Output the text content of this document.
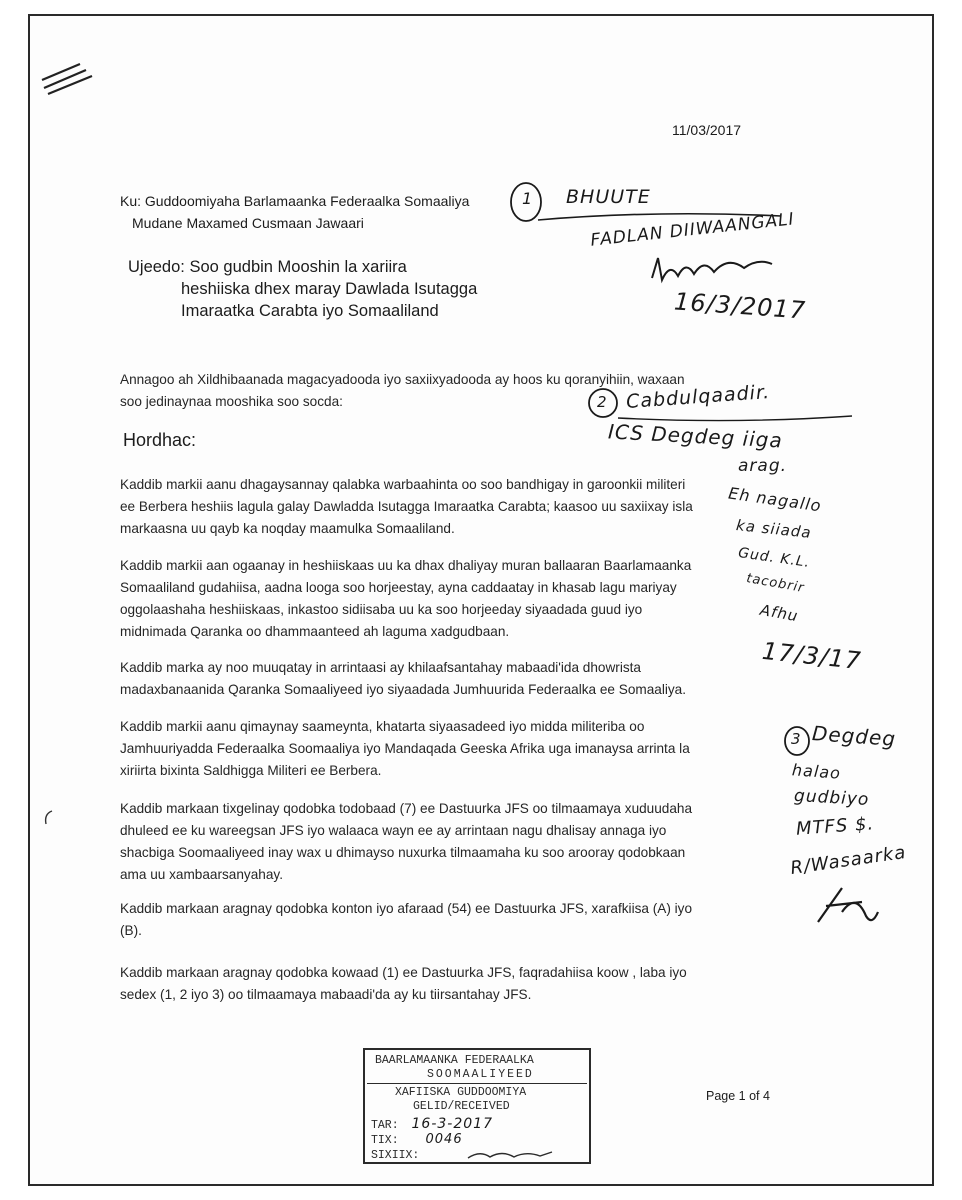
11/03/2017
Ku: Guddoomiyaha Barlamaanka Federaalka Somaaliya
Mudane Maxamed Cusmaan Jawaari
Ujeedo: Soo gudbin Mooshin la xariira
heshiiska dhex maray Dawlada Isutagga
Imaraatka Carabta iyo Somaaliland
Annagoo ah Xildhibaanada magacyadooda iyo saxiixyadooda ay hoos ku qoranyihiin, waxaan
soo jedinaynaa mooshika soo socda:
Hordhac:
Kaddib markii aanu dhagaysannay qalabka warbaahinta oo soo bandhigay in garoonkii militeri
ee Berbera heshiis lagula galay Dawladda Isutagga Imaraatka Carabta; kaasoo uu saxiixay isla
markaasna uu qayb ka noqday maamulka Somaaliland.
Kaddib markii aan ogaanay in heshiiskaas uu ka dhax dhaliyay muran ballaaran Baarlamaanka
Somaaliland gudahiisa, aadna looga soo horjeestay, ayna caddaatay in khasab lagu mariyay
oggolaashaha heshiiskaas, inkastoo sidiisaba uu ka soo horjeeday siyaadada guud iyo
midnimada Qaranka oo dhammaanteed ah laguma xadgudbaan.
Kaddib marka ay noo muuqatay in arrintaasi ay khilaafsantahay mabaadi'ida dhowrista
madaxbanaanida Qaranka Somaaliyeed iyo siyaadada Jumhuurida Federaalka ee Somaaliya.
Kaddib markii aanu qimaynay saameynta, khatarta siyaasadeed iyo midda militeriba oo
Jamhuuriyadda Federaalka Soomaaliya iyo Mandaqada Geeska Afrika uga imanaysa arrinta la
xiriirta bixinta Saldhigga Militeri ee Berbera.
Kaddib markaan tixgelinay qodobka todobaad (7) ee Dastuurka JFS oo tilmaamaya xuduudaha
dhuleed ee ku wareegsan JFS iyo walaaca wayn ee ay arrintaan nagu dhalisay annaga iyo
shacbiga Soomaaliyeed inay wax u dhimayso nuxurka tilmaamaha ku soo arooray qodobkaan
ama uu xambaarsanyahay.
Kaddib markaan aragnay qodobka konton iyo afaraad (54) ee Dastuurka JFS, xarafkiisa (A) iyo
(B).
Kaddib markaan aragnay qodobka kowaad (1) ee Dastuurka JFS, faqradahiisa koow , laba iyo
sedex (1, 2 iyo 3) oo tilmaamaya mabaadi'da ay ku tiirsantahay JFS.
1 BHUUTE
FADLAN DIIWAANGALI
16/3/2017
2 Cabdulqaadir.
ICS Degdeg iiga
arag.
Eh nagallo
ka siiada
Gud. K.L.
tacobrir
Afhu
17/3/17
3 Degdeg
halao
gudbiyo
MTFS $.
R/Wasaarka
BAARLAMAANKA FEDERAALKA
SOOMAALIYEED
XAFIISKA GUDDOOMIYA
GELID/RECEIVED
TAR: 16-3-2017
TIX: 0046
SIXIIX:
Page 1 of 4
